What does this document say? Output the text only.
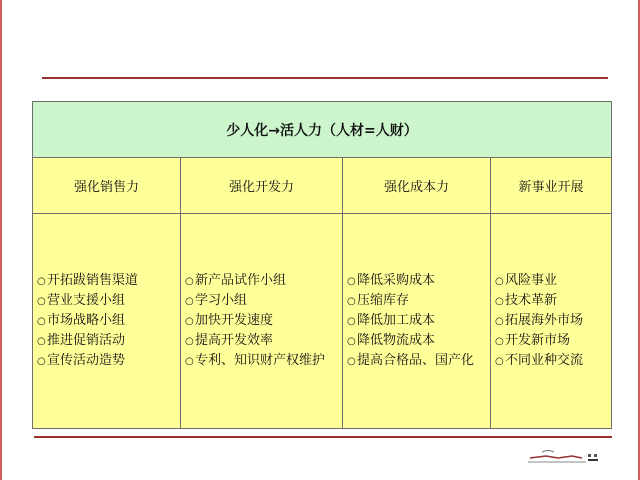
少人化→活人力（人材=人财）
强化销售力
○开拓跋销售渠道
○营业支援小组
○市场战略小组
○推进促销活动
○宣传活动造势
强化开发力
○新产品试作小组
○学习小组
○加快开发速度
○提高开发效率
○专利、知识财产权维护
强化成本力
○降低采购成本
○压缩库存
○降低加工成本
○降低物流成本
○提高合格品、国产化
新事业开展
○风险事业
○技术革新
○拓展海外市场
○开发新市场
○不同业种交流
